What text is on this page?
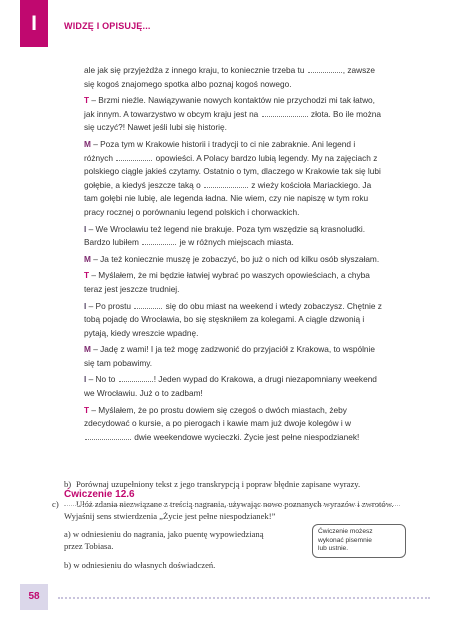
I	WIDZĘ I OPISUJĘ...

ale jak się przyjeżdża z innego kraju, to koniecznie trzeba tu	, zawsze się kogoś znajomego spotka albo poznaj kogoś nowego.

T – Brzmi nieźle. Nawiązywanie nowych kontaktów nie przychodzi mi tak łatwo, jak innym. A towarzystwo w obcym kraju jest na	złota. Bo ile można się uczyć?! Nawet jeśli lubi się historię.

M – Poza tym w Krakowie historii i tradycji to ci nie zabraknie. Ani legend i różnych	opowieści. A Polacy bardzo lubią legendy. My na zajęciach z polskiego ciągle jakieś czytamy. Ostatnio o tym, dlaczego w Krakowie tak się lubi gołębie, a kiedyś jeszcze taką o	z wieży kościoła Mariackiego. Ja tam gołębi nie lubię, ale legenda ładna. Nie wiem, czy nie napiszę w tym roku pracy rocznej o porównaniu legend polskich i chorwackich.

I – We Wrocławiu też legend nie brakuje. Poza tym wszędzie są krasnoludki. Bardzo lubiłem	je w różnych miejscach miasta.

M – Ja też koniecznie muszę je zobaczyć, bo już o nich od kilku osób słyszałam.

T – Myślałem, że mi będzie łatwiej wybrać po waszych opowieściach, a chyba teraz jest jeszcze trudniej.

I – Po prostu	się do obu miast na weekend i wtedy zobaczysz. Chętnie z tobą pojadę do Wrocławia, bo się stęskniłem za kolegami. A ciągle dzwonią i pytają, kiedy wreszcie wpadnę.

M – Jadę z wami! I ja też mogę zadzwonić do przyjaciół z Krakowa, to wspólnie się tam pobawimy.

I – No to	! Jeden wypad do Krakowa, a drugi niezapomniany weekend we Wrocławiu. Już o to zadbam!

T – Myślałem, że po prostu dowiem się czegoś o dwóch miastach, żeby zdecydować o kursie, a po pierogach i kawie mam już dwoje kolegów i w  dwie weekendowe wycieczki. Życie jest pełne niespodzianek!

b) Porównaj uzupełniony tekst z jego transkrypcją i popraw błędnie zapisane wyrazy.
c) Ułóż zdania niezwiązane z treścią nagrania, używając nowo poznanych wyrazów i zwrotów.
Ćwiczenie 12.6
Wyjaśnij sens stwierdzenia „Życie jest pełne niespodzianek!”
a) w odniesieniu do nagrania, jako puentę wypowiedzianą
przez Tobiasa.
b) w odniesieniu do własnych doświadczeń.
Ćwiczenie możesz
wykonać pisemnie
lub ustnie.
58
